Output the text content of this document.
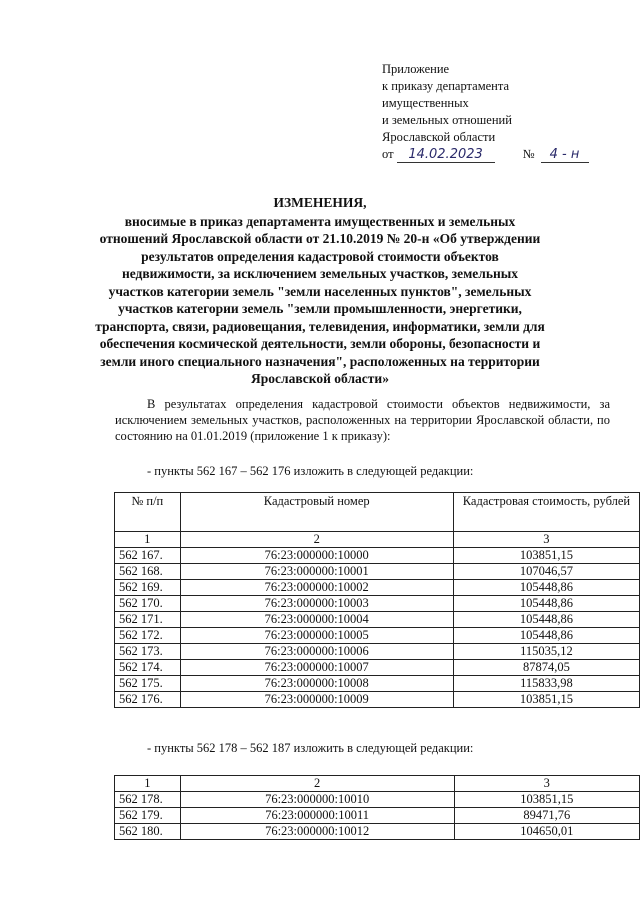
Приложение
к приказу департамента
имущественных
и земельных отношений
Ярославской области
от	14.02.2023	№	4 - н
ИЗМЕНЕНИЯ,
вносимые в приказ департамента имущественных и земельных отношений Ярославской области от 21.10.2019 № 20-н «Об утверждении результатов определения кадастровой стоимости объектов недвижимости, за исключением земельных участков, земельных участков категории земель "земли населенных пунктов", земельных участков категории земель "земли промышленности, энергетики, транспорта, связи, радиовещания, телевидения, информатики, земли для обеспечения космической деятельности, земли обороны, безопасности и земли иного специального назначения", расположенных на территории Ярославской области»
В результатах определения кадастровой стоимости объектов недвижимости, за исключением земельных участков, расположенных на территории Ярославской области, по состоянию на 01.01.2019 (приложение 1 к приказу):
- пункты 562 167 – 562 176 изложить в следующей редакции:
№ п/п	Кадастровый номер	Кадастровая стоимость, рублей
1	2	3
562 167.	76:23:000000:10000	103851,15
562 168.	76:23:000000:10001	107046,57
562 169.	76:23:000000:10002	105448,86
562 170.	76:23:000000:10003	105448,86
562 171.	76:23:000000:10004	105448,86
562 172.	76:23:000000:10005	105448,86
562 173.	76:23:000000:10006	115035,12
562 174.	76:23:000000:10007	87874,05
562 175.	76:23:000000:10008	115833,98
562 176.	76:23:000000:10009	103851,15
- пункты 562 178 – 562 187 изложить в следующей редакции:
1	2	3
562 178.	76:23:000000:10010	103851,15
562 179.	76:23:000000:10011	89471,76
562 180.	76:23:000000:10012	104650,01
